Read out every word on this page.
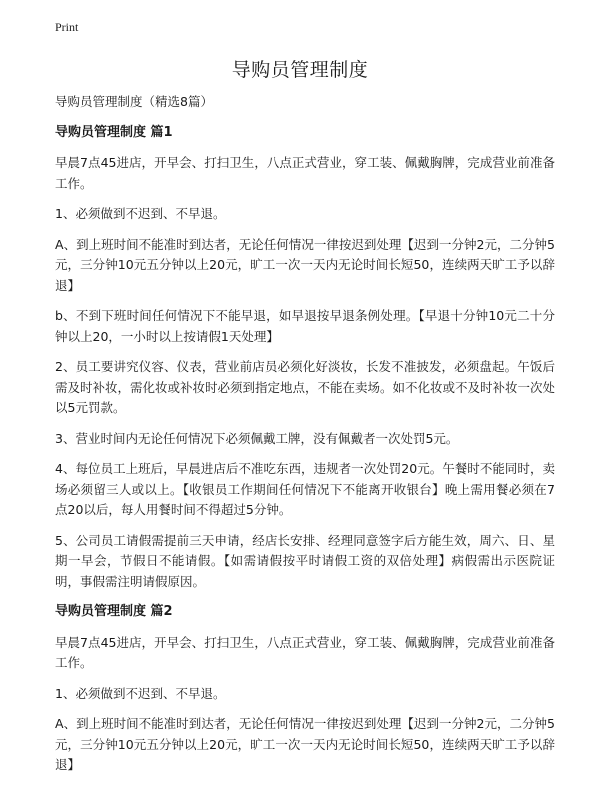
Print
导购员管理制度

导购员管理制度（精选8篇）

导购员管理制度 篇1

早晨7点45进店，开早会、打扫卫生，八点正式营业，穿工装、佩戴胸牌，完成营业前准备工作。

1、必须做到不迟到、不早退。

A、到上班时间不能准时到达者，无论任何情况一律按迟到处理【迟到一分钟2元，二分钟5元，三分钟10元五分钟以上20元，旷工一次一天内无论时间长短50，连续两天旷工予以辞退】

b、不到下班时间任何情况下不能早退，如早退按早退条例处理。【早退十分钟10元二十分钟以上20，一小时以上按请假1天处理】

2、员工要讲究仪容、仪表，营业前店员必须化好淡妆，长发不准披发，必须盘起。午饭后需及时补妆，需化妆或补妆时必须到指定地点，不能在卖场。如不化妆或不及时补妆一次处以5元罚款。

3、营业时间内无论任何情况下必须佩戴工牌，没有佩戴者一次处罚5元。

4、每位员工上班后，早晨进店后不准吃东西，违规者一次处罚20元。午餐时不能同时，卖场必须留三人或以上。【收银员工作期间任何情况下不能离开收银台】晚上需用餐必须在7点20以后，每人用餐时间不得超过5分钟。

5、公司员工请假需提前三天申请，经店长安排、经理同意签字后方能生效，周六、日、星期一早会，节假日不能请假。【如需请假按平时请假工资的双倍处理】病假需出示医院证明，事假需注明请假原因。

导购员管理制度 篇2

早晨7点45进店，开早会、打扫卫生，八点正式营业，穿工装、佩戴胸牌，完成营业前准备工作。

1、必须做到不迟到、不早退。

A、到上班时间不能准时到达者，无论任何情况一律按迟到处理【迟到一分钟2元，二分钟5元，三分钟10元五分钟以上20元，旷工一次一天内无论时间长短50，连续两天旷工予以辞退】
